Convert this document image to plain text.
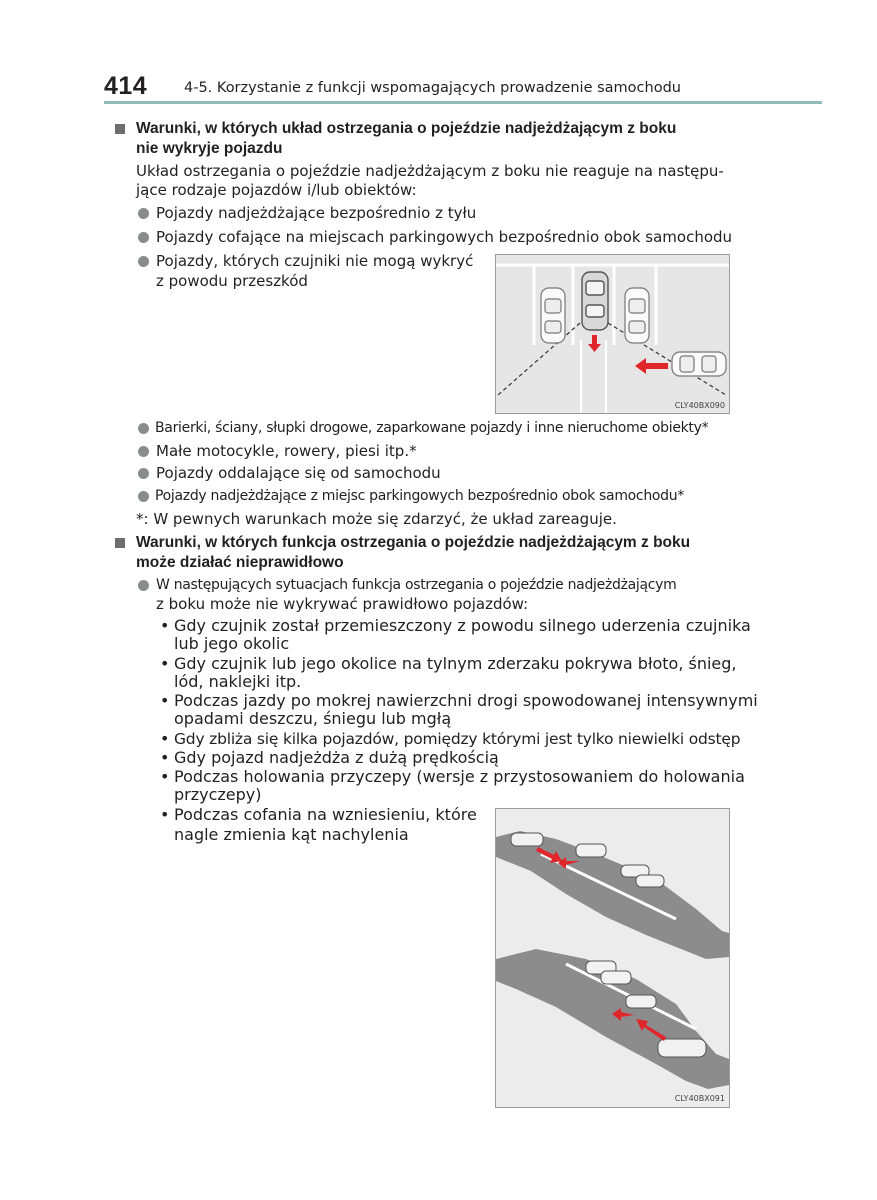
414	4-5. Korzystanie z funkcji wspomagających prowadzenie samochodu
Warunki, w których układ ostrzegania o pojeździe nadjeżdżającym z boku
nie wykryje pojazdu
Układ ostrzegania o pojeździe nadjeżdżającym z boku nie reaguje na następu-
jące rodzaje pojazdów i/lub obiektów:
Pojazdy nadjeżdżające bezpośrednio z tyłu
Pojazdy cofające na miejscach parkingowych bezpośrednio obok samochodu
Pojazdy, których czujniki nie mogą wykryć
z powodu przeszkód
CLY40BX090
Barierki, ściany, słupki drogowe, zaparkowane pojazdy i inne nieruchome obiekty*
Małe motocykle, rowery, piesi itp.*
Pojazdy oddalające się od samochodu
Pojazdy nadjeżdżające z miejsc parkingowych bezpośrednio obok samochodu*
*: W pewnych warunkach może się zdarzyć, że układ zareaguje.
Warunki, w których funkcja ostrzegania o pojeździe nadjeżdżającym z boku
może działać nieprawidłowo
W następujących sytuacjach funkcja ostrzegania o pojeździe nadjeżdżającym
z boku może nie wykrywać prawidłowo pojazdów:
• Gdy czujnik został przemieszczony z powodu silnego uderzenia czujnika
lub jego okolic
• Gdy czujnik lub jego okolice na tylnym zderzaku pokrywa błoto, śnieg,
lód, naklejki itp.
• Podczas jazdy po mokrej nawierzchni drogi spowodowanej intensywnymi
opadami deszczu, śniegu lub mgłą
• Gdy zbliża się kilka pojazdów, pomiędzy którymi jest tylko niewielki odstęp
• Gdy pojazd nadjeżdża z dużą prędkością
• Podczas holowania przyczepy (wersje z przystosowaniem do holowania
przyczepy)
• Podczas cofania na wzniesieniu, które
nagle zmienia kąt nachylenia
CLY40BX091
